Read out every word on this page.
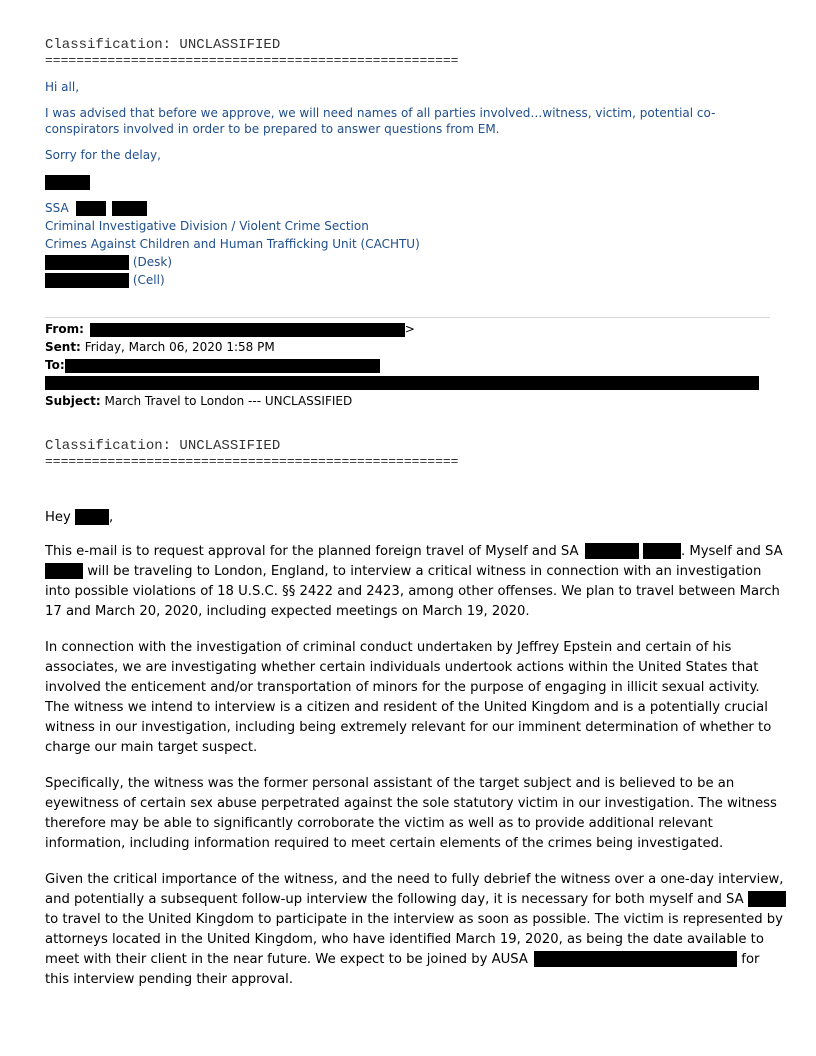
Classification: UNCLASSIFIED
=====================================================
Hi all,
I was advised that before we approve, we will need names of all parties involved…witness, victim, potential co-
conspirators involved in order to be prepared to answer questions from EM.
Sorry for the delay,
SSA
Criminal Investigative Division / Violent Crime Section
Crimes Against Children and Human Trafficking Unit (CACHTU)
(Desk)
(Cell)
From:	>
Sent: Friday, March 06, 2020 1:58 PM
To:
Subject: March Travel to London --- UNCLASSIFIED
Classification: UNCLASSIFIED
=====================================================
Hey	,
This e-mail is to request approval for the planned foreign travel of Myself and SA	. Myself and SA
will be traveling to London, England, to interview a critical witness in connection with an investigation
into possible violations of 18 U.S.C. §§ 2422 and 2423, among other offenses. We plan to travel between March
17 and March 20, 2020, including expected meetings on March 19, 2020.
In connection with the investigation of criminal conduct undertaken by Jeffrey Epstein and certain of his
associates, we are investigating whether certain individuals undertook actions within the United States that
involved the enticement and/or transportation of minors for the purpose of engaging in illicit sexual activity.
The witness we intend to interview is a citizen and resident of the United Kingdom and is a potentially crucial
witness in our investigation, including being extremely relevant for our imminent determination of whether to
charge our main target suspect.
Specifically, the witness was the former personal assistant of the target subject and is believed to be an
eyewitness of certain sex abuse perpetrated against the sole statutory victim in our investigation. The witness
therefore may be able to significantly corroborate the victim as well as to provide additional relevant
information, including information required to meet certain elements of the crimes being investigated.
Given the critical importance of the witness, and the need to fully debrief the witness over a one-day interview,
and potentially a subsequent follow-up interview the following day, it is necessary for both myself and SA
to travel to the United Kingdom to participate in the interview as soon as possible. The victim is represented by
attorneys located in the United Kingdom, who have identified March 19, 2020, as being the date available to
meet with their client in the near future. We expect to be joined by AUSA	for
this interview pending their approval.
